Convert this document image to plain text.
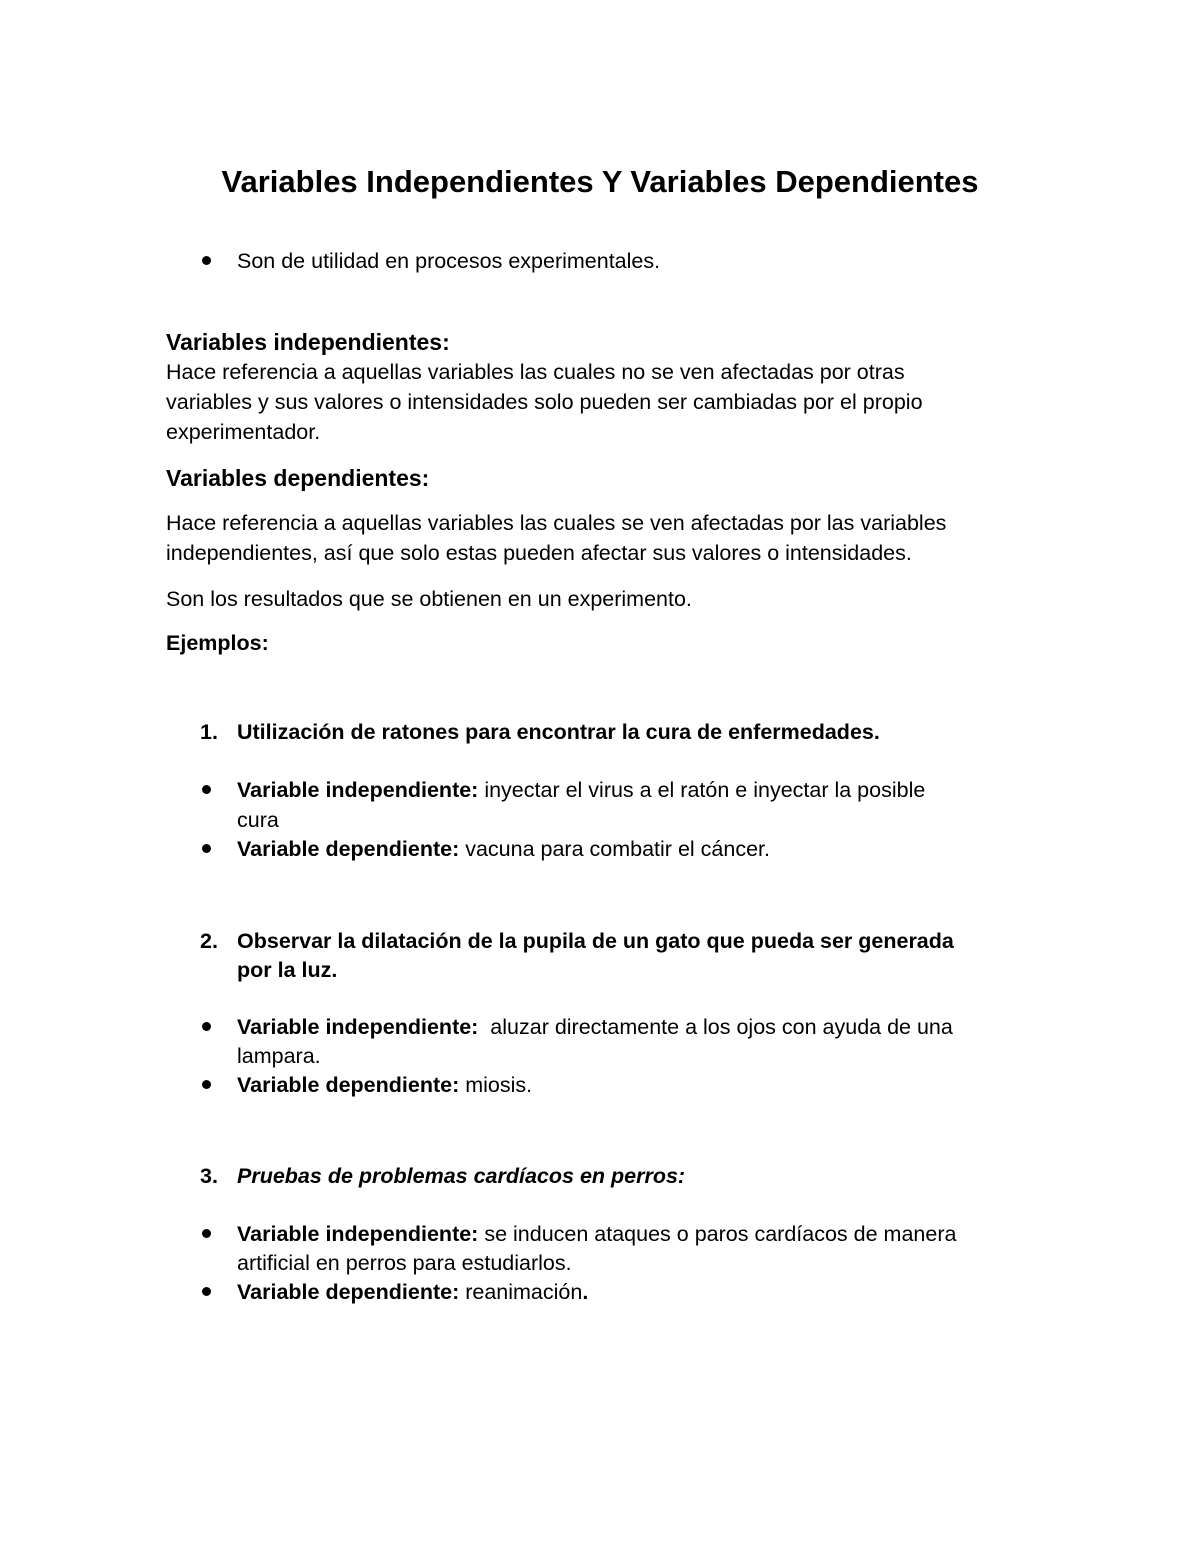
Variables Independientes Y Variables Dependientes
Son de utilidad en procesos experimentales.
Variables independientes:
Hace referencia a aquellas variables las cuales no se ven afectadas por otras
variables y sus valores o intensidades solo pueden ser cambiadas por el propio
experimentador.
Variables dependientes:
Hace referencia a aquellas variables las cuales se ven afectadas por las variables
independientes, así que solo estas pueden afectar sus valores o intensidades.
Son los resultados que se obtienen en un experimento.
Ejemplos:
1. Utilización de ratones para encontrar la cura de enfermedades.
Variable independiente: inyectar el virus a el ratón e inyectar la posible
cura
Variable dependiente: vacuna para combatir el cáncer.
2. Observar la dilatación de la pupila de un gato que pueda ser generada
por la luz.
Variable independiente: aluzar directamente a los ojos con ayuda de una
lampara.
Variable dependiente: miosis.
3. Pruebas de problemas cardíacos en perros:
Variable independiente: se inducen ataques o paros cardíacos de manera
artificial en perros para estudiarlos.
Variable dependiente: reanimación.
